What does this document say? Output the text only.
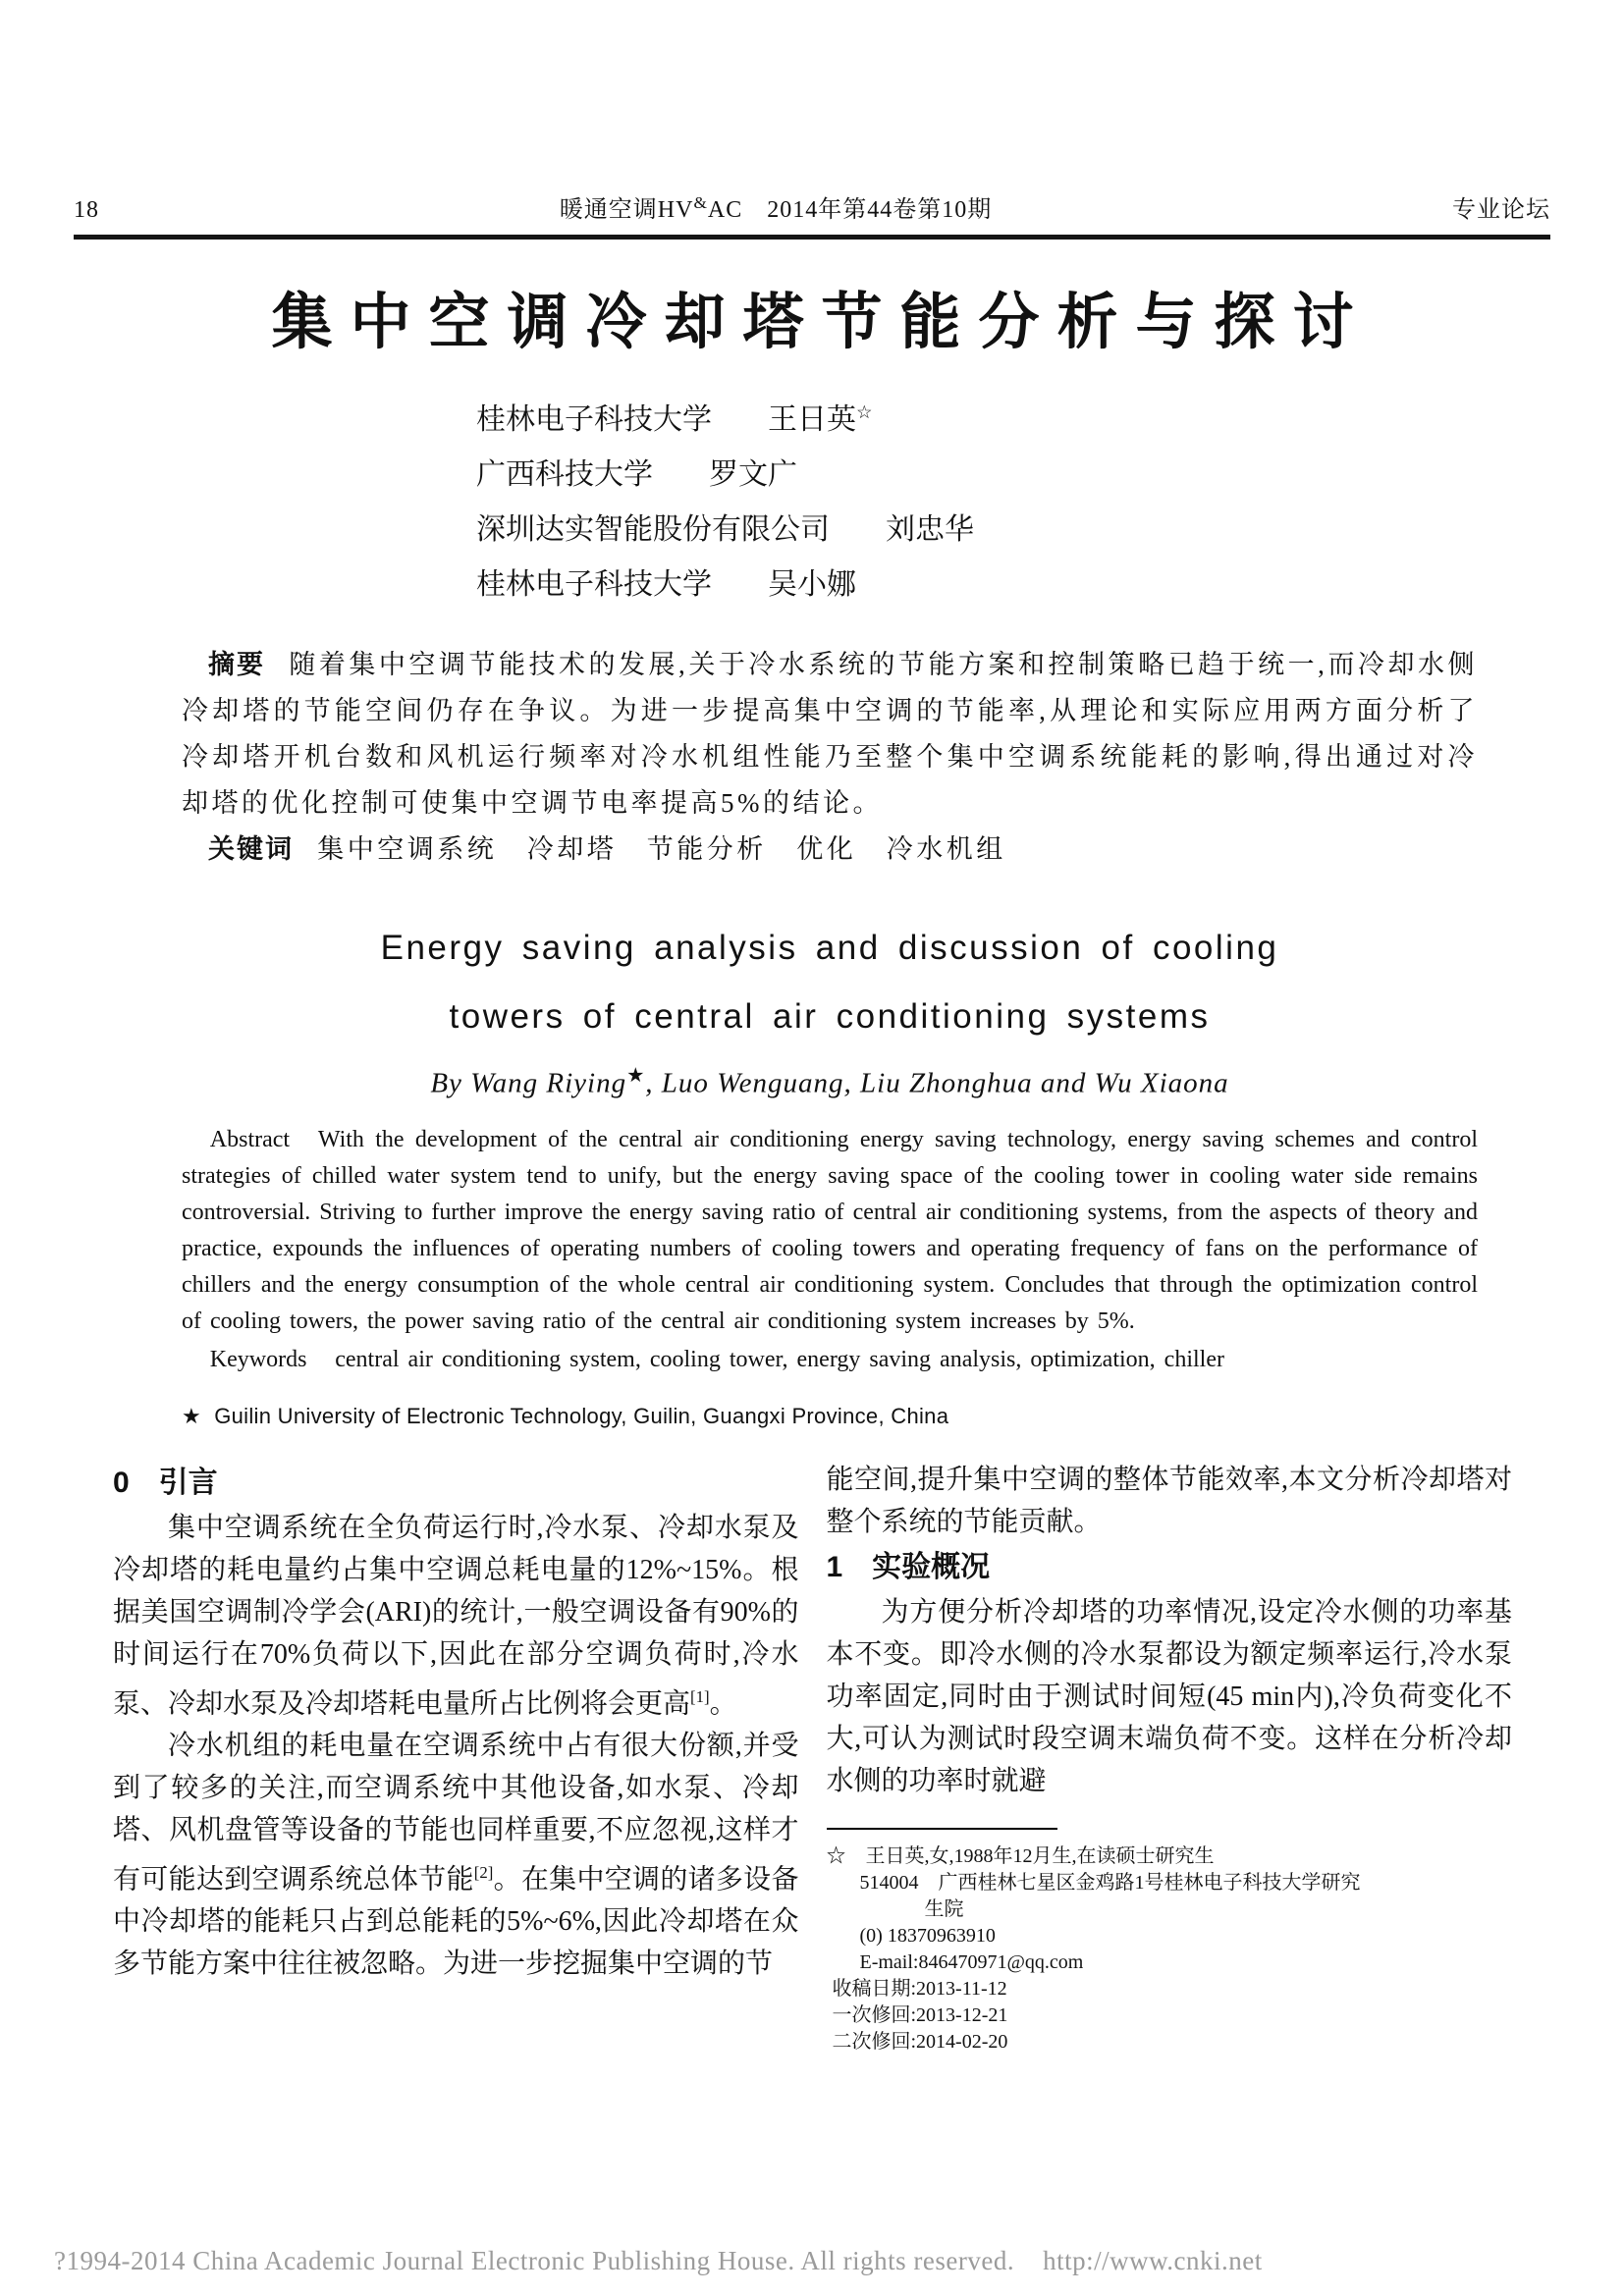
18	暖通空调HV&AC　2014年第44卷第10期	专业论坛
集中空调冷却塔节能分析与探讨
桂林电子科技大学 王日英☆
广西科技大学 罗文广
深圳达实智能股份有限公司 刘忠华
桂林电子科技大学 吴小娜

摘要 随着集中空调节能技术的发展,关于冷水系统的节能方案和控制策略已趋于统一,而冷却水侧冷却塔的节能空间仍存在争议。为进一步提高集中空调的节能率,从理论和实际应用两方面分析了冷却塔开机台数和风机运行频率对冷水机组性能乃至整个集中空调系统能耗的影响,得出通过对冷却塔的优化控制可使集中空调节电率提高5%的结论。

关键词 集中空调系统　冷却塔　节能分析　优化　冷水机组

Energy saving analysis and discussion of cooling
towers of central air conditioning systems
By Wang Riying★, Luo Wenguang, Liu Zhonghua and Wu Xiaona

Abstract With the development of the central air conditioning energy saving technology, energy saving schemes and control strategies of chilled water system tend to unify, but the energy saving space of the cooling tower in cooling water side remains controversial. Striving to further improve the energy saving ratio of central air conditioning systems, from the aspects of theory and practice, expounds the influences of operating numbers of cooling towers and operating frequency of fans on the performance of chillers and the energy consumption of the whole central air conditioning system. Concludes that through the optimization control of cooling towers, the power saving ratio of the central air conditioning system increases by 5%.

Keywords central air conditioning system, cooling tower, energy saving analysis, optimization, chiller

★ Guilin University of Electronic Technology, Guilin, Guangxi Province, China
0　引言

集中空调系统在全负荷运行时,冷水泵、冷却水泵及冷却塔的耗电量约占集中空调总耗电量的12%~15%。根据美国空调制冷学会(ARI)的统计,一般空调设备有90%的时间运行在70%负荷以下,因此在部分空调负荷时,冷水泵、冷却水泵及冷却塔耗电量所占比例将会更高[1]。

冷水机组的耗电量在空调系统中占有很大份额,并受到了较多的关注,而空调系统中其他设备,如水泵、冷却塔、风机盘管等设备的节能也同样重要,不应忽视,这样才有可能达到空调系统总体节能[2]。在集中空调的诸多设备中冷却塔的能耗只占到总能耗的5%~6%,因此冷却塔在众多节能方案中往往被忽略。为进一步挖掘集中空调的节

能空间,提升集中空调的整体节能效率,本文分析冷却塔对整个系统的节能贡献。

1　实验概况

为方便分析冷却塔的功率情况,设定冷水侧的功率基本不变。即冷水侧的冷水泵都设为额定频率运行,冷水泵功率固定,同时由于测试时间短(45 min内),冷负荷变化不大,可认为测试时段空调末端负荷不变。这样在分析冷却水侧的功率时就避

☆　王日英,女,1988年12月生,在读硕士研究生

514004　广西桂林七星区金鸡路1号桂林电子科技大学研究

生院

(0) 18370963910

E-mail:846470971@qq.com

收稿日期:2013-11-12

一次修回:2013-12-21

二次修回:2014-02-20

?1994-2014 China Academic Journal Electronic Publishing House. All rights reserved.    http://www.cnki.net
